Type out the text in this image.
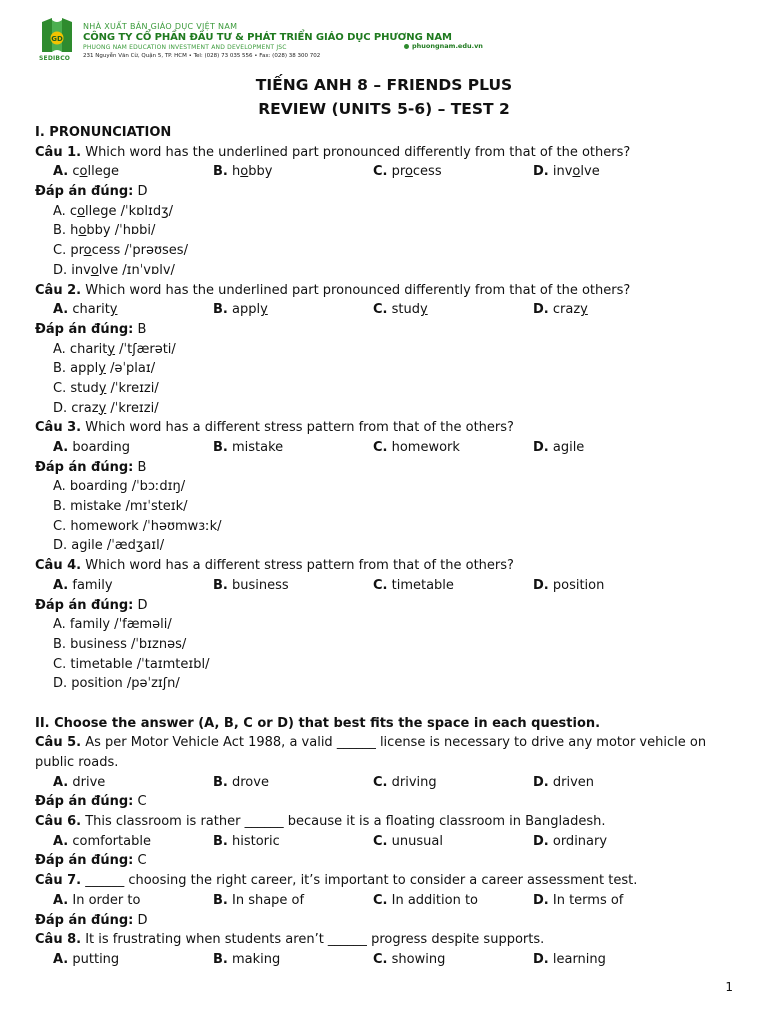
GD
SEDIBCO
NHÀ XUẤT BẢN GIÁO DỤC VIỆT NAM
CÔNG TY CỔ PHẦN ĐẦU TƯ & PHÁT TRIỂN GIÁO DỤC PHƯƠNG NAM
PHUONG NAM EDUCATION INVESTMENT AND DEVELOPMENT JSC
231 Nguyễn Văn Cừ, Quận 5, TP. HCM • Tel: (028) 73 035 556 • Fax: (028) 38 300 702
phuongnam.edu.vn
TIẾNG ANH 8 – FRIENDS PLUS
REVIEW (UNITS 5-6) – TEST 2
I. PRONUNCIATION
Câu 1. Which word has the underlined part pronounced differently from that of the others?
A. college	B. hobby	C. process	D. involve
Đáp án đúng: D
A. college /ˈkɒlɪdʒ/
B. hobby /ˈhɒbi/
C. process /ˈprəʊses/
D. involve /ɪnˈvɒlv/
Câu 2. Which word has the underlined part pronounced differently from that of the others?
A. charity	B. apply	C. study	D. crazy
Đáp án đúng: B
A. charity /ˈtʃærəti/
B. apply /əˈplaɪ/
C. study /ˈkreɪzi/
D. crazy /ˈkreɪzi/
Câu 3. Which word has a different stress pattern from that of the others?
A. boarding	B. mistake	C. homework	D. agile
Đáp án đúng: B
A. boarding /ˈbɔːdɪŋ/
B. mistake /mɪˈsteɪk/
C. homework /ˈhəʊmwɜːk/
D. agile /ˈædʒaɪl/
Câu 4. Which word has a different stress pattern from that of the others?
A. family	B. business	C. timetable	D. position
Đáp án đúng: D
A. family /ˈfæməli/
B. business /ˈbɪznəs/
C. timetable /ˈtaɪmteɪbl/
D. position /pəˈzɪʃn/
II. Choose the answer (A, B, C or D) that best fits the space in each question.
Câu 5. As per Motor Vehicle Act 1988, a valid ______ license is necessary to drive any motor vehicle on public roads.
A. drive	B. drove	C. driving	D. driven
Đáp án đúng: C
Câu 6. This classroom is rather ______ because it is a floating classroom in Bangladesh.
A. comfortable	B. historic	C. unusual	D. ordinary
Đáp án đúng: C
Câu 7. ______ choosing the right career, it’s important to consider a career assessment test.
A. In order to	B. In shape of	C. In addition to	D. In terms of
Đáp án đúng: D
Câu 8. It is frustrating when students aren’t ______ progress despite supports.
A. putting	B. making	C. showing	D. learning
1
